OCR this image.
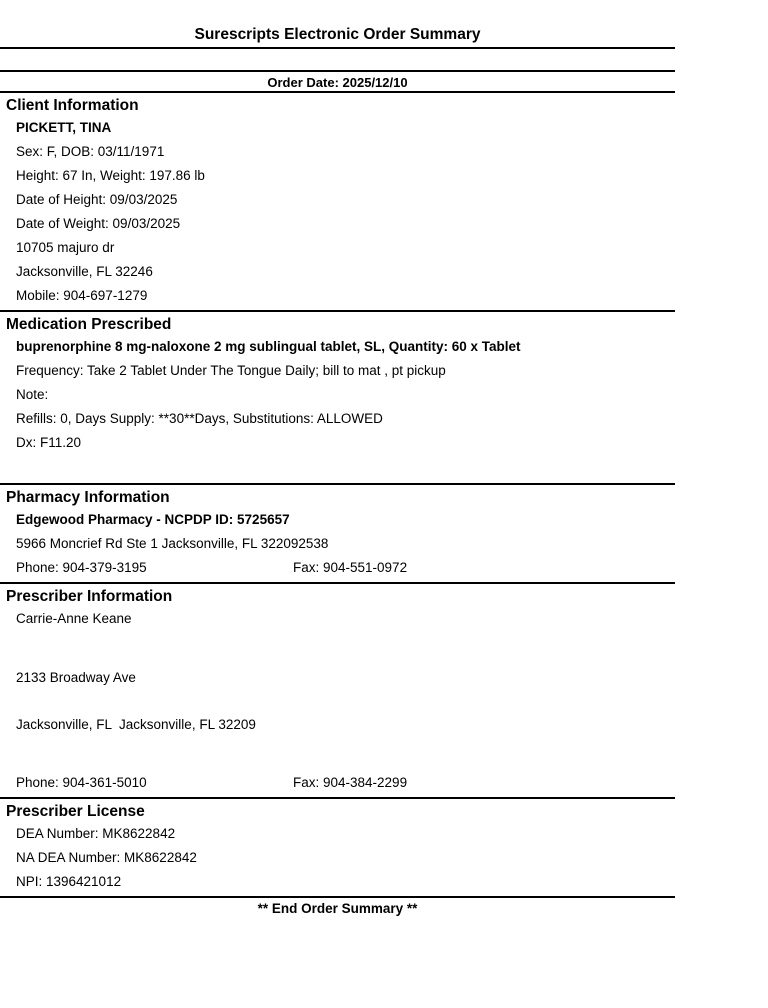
Surescripts Electronic Order Summary
Order Date: 2025/12/10
Client Information
PICKETT, TINA
Sex: F, DOB: 03/11/1971
Height: 67 In, Weight: 197.86 lb
Date of Height: 09/03/2025
Date of Weight: 09/03/2025
10705 majuro dr
Jacksonville, FL 32246
Mobile: 904-697-1279
Medication Prescribed
buprenorphine 8 mg-naloxone 2 mg sublingual tablet, SL, Quantity: 60 x Tablet
Frequency: Take 2 Tablet Under The Tongue Daily; bill to mat , pt pickup
Note:
Refills: 0, Days Supply: **30**Days, Substitutions: ALLOWED
Dx: F11.20
Pharmacy Information
Edgewood Pharmacy - NCPDP ID: 5725657
5966 Moncrief Rd Ste 1 Jacksonville, FL 322092538
Phone: 904-379-3195	Fax: 904-551-0972
Prescriber Information
Carrie-Anne Keane

2133 Broadway Ave

Jacksonville, FL  Jacksonville, FL 32209

Phone: 904-361-5010	Fax: 904-384-2299
Prescriber License
DEA Number: MK8622842
NA DEA Number: MK8622842
NPI: 1396421012
** End Order Summary **
